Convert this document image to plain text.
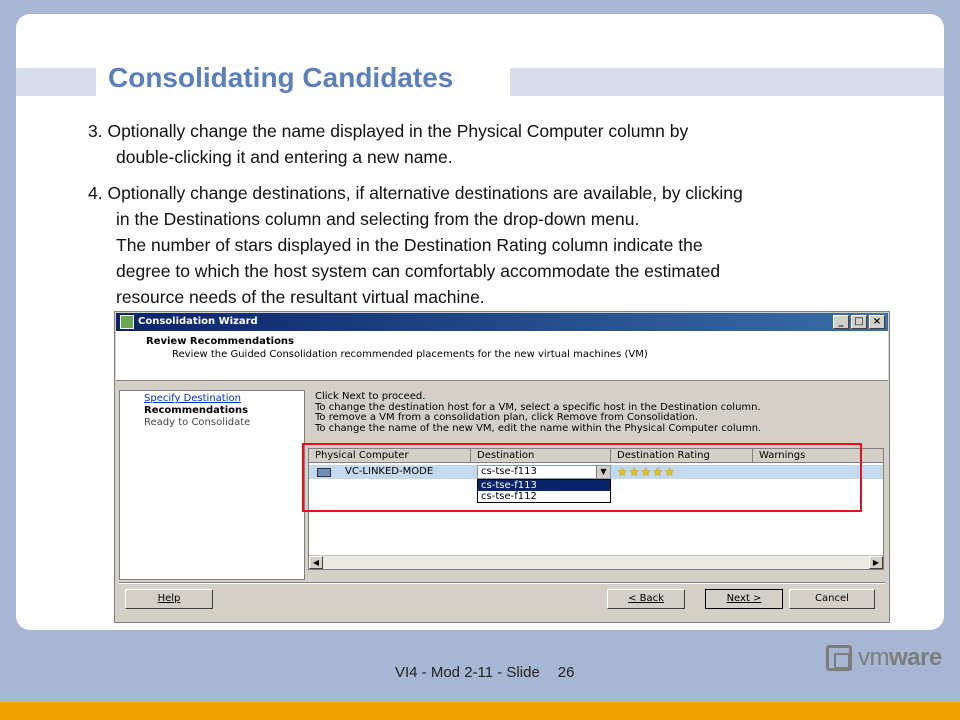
Consolidating Candidates
3. Optionally change the name displayed in the Physical Computer column by
double-clicking it and entering a new name.
4. Optionally change destinations, if alternative destinations are available, by clicking
in the Destinations column and selecting from the drop-down menu.
The number of stars displayed in the Destination Rating column indicate the
degree to which the host system can comfortably accommodate the estimated
resource needs of the resultant virtual machine.
Consolidation Wizard	_	□ ×
Review Recommendations
Review the Guided Consolidation recommended placements for the new virtual machines (VM)
Specify Destination
Recommendations
Ready to Consolidate
Click Next to proceed.
To change the destination host for a VM, select a specific host in the Destination column.
To remove a VM from a consolidation plan, click Remove from Consolidation.
To change the name of the new VM, edit the name within the Physical Computer column.
Physical Computer	Destination	Destination Rating	Warnings
VC-LINKED-MODE	cs-tse-f113	▼ ★★★★★
cs-tse-f113
cs-tse-f112
◀	▶
Help	< Back	Next >	Cancel
VI4 - Mod 2-11 - Slide 26
vmware
